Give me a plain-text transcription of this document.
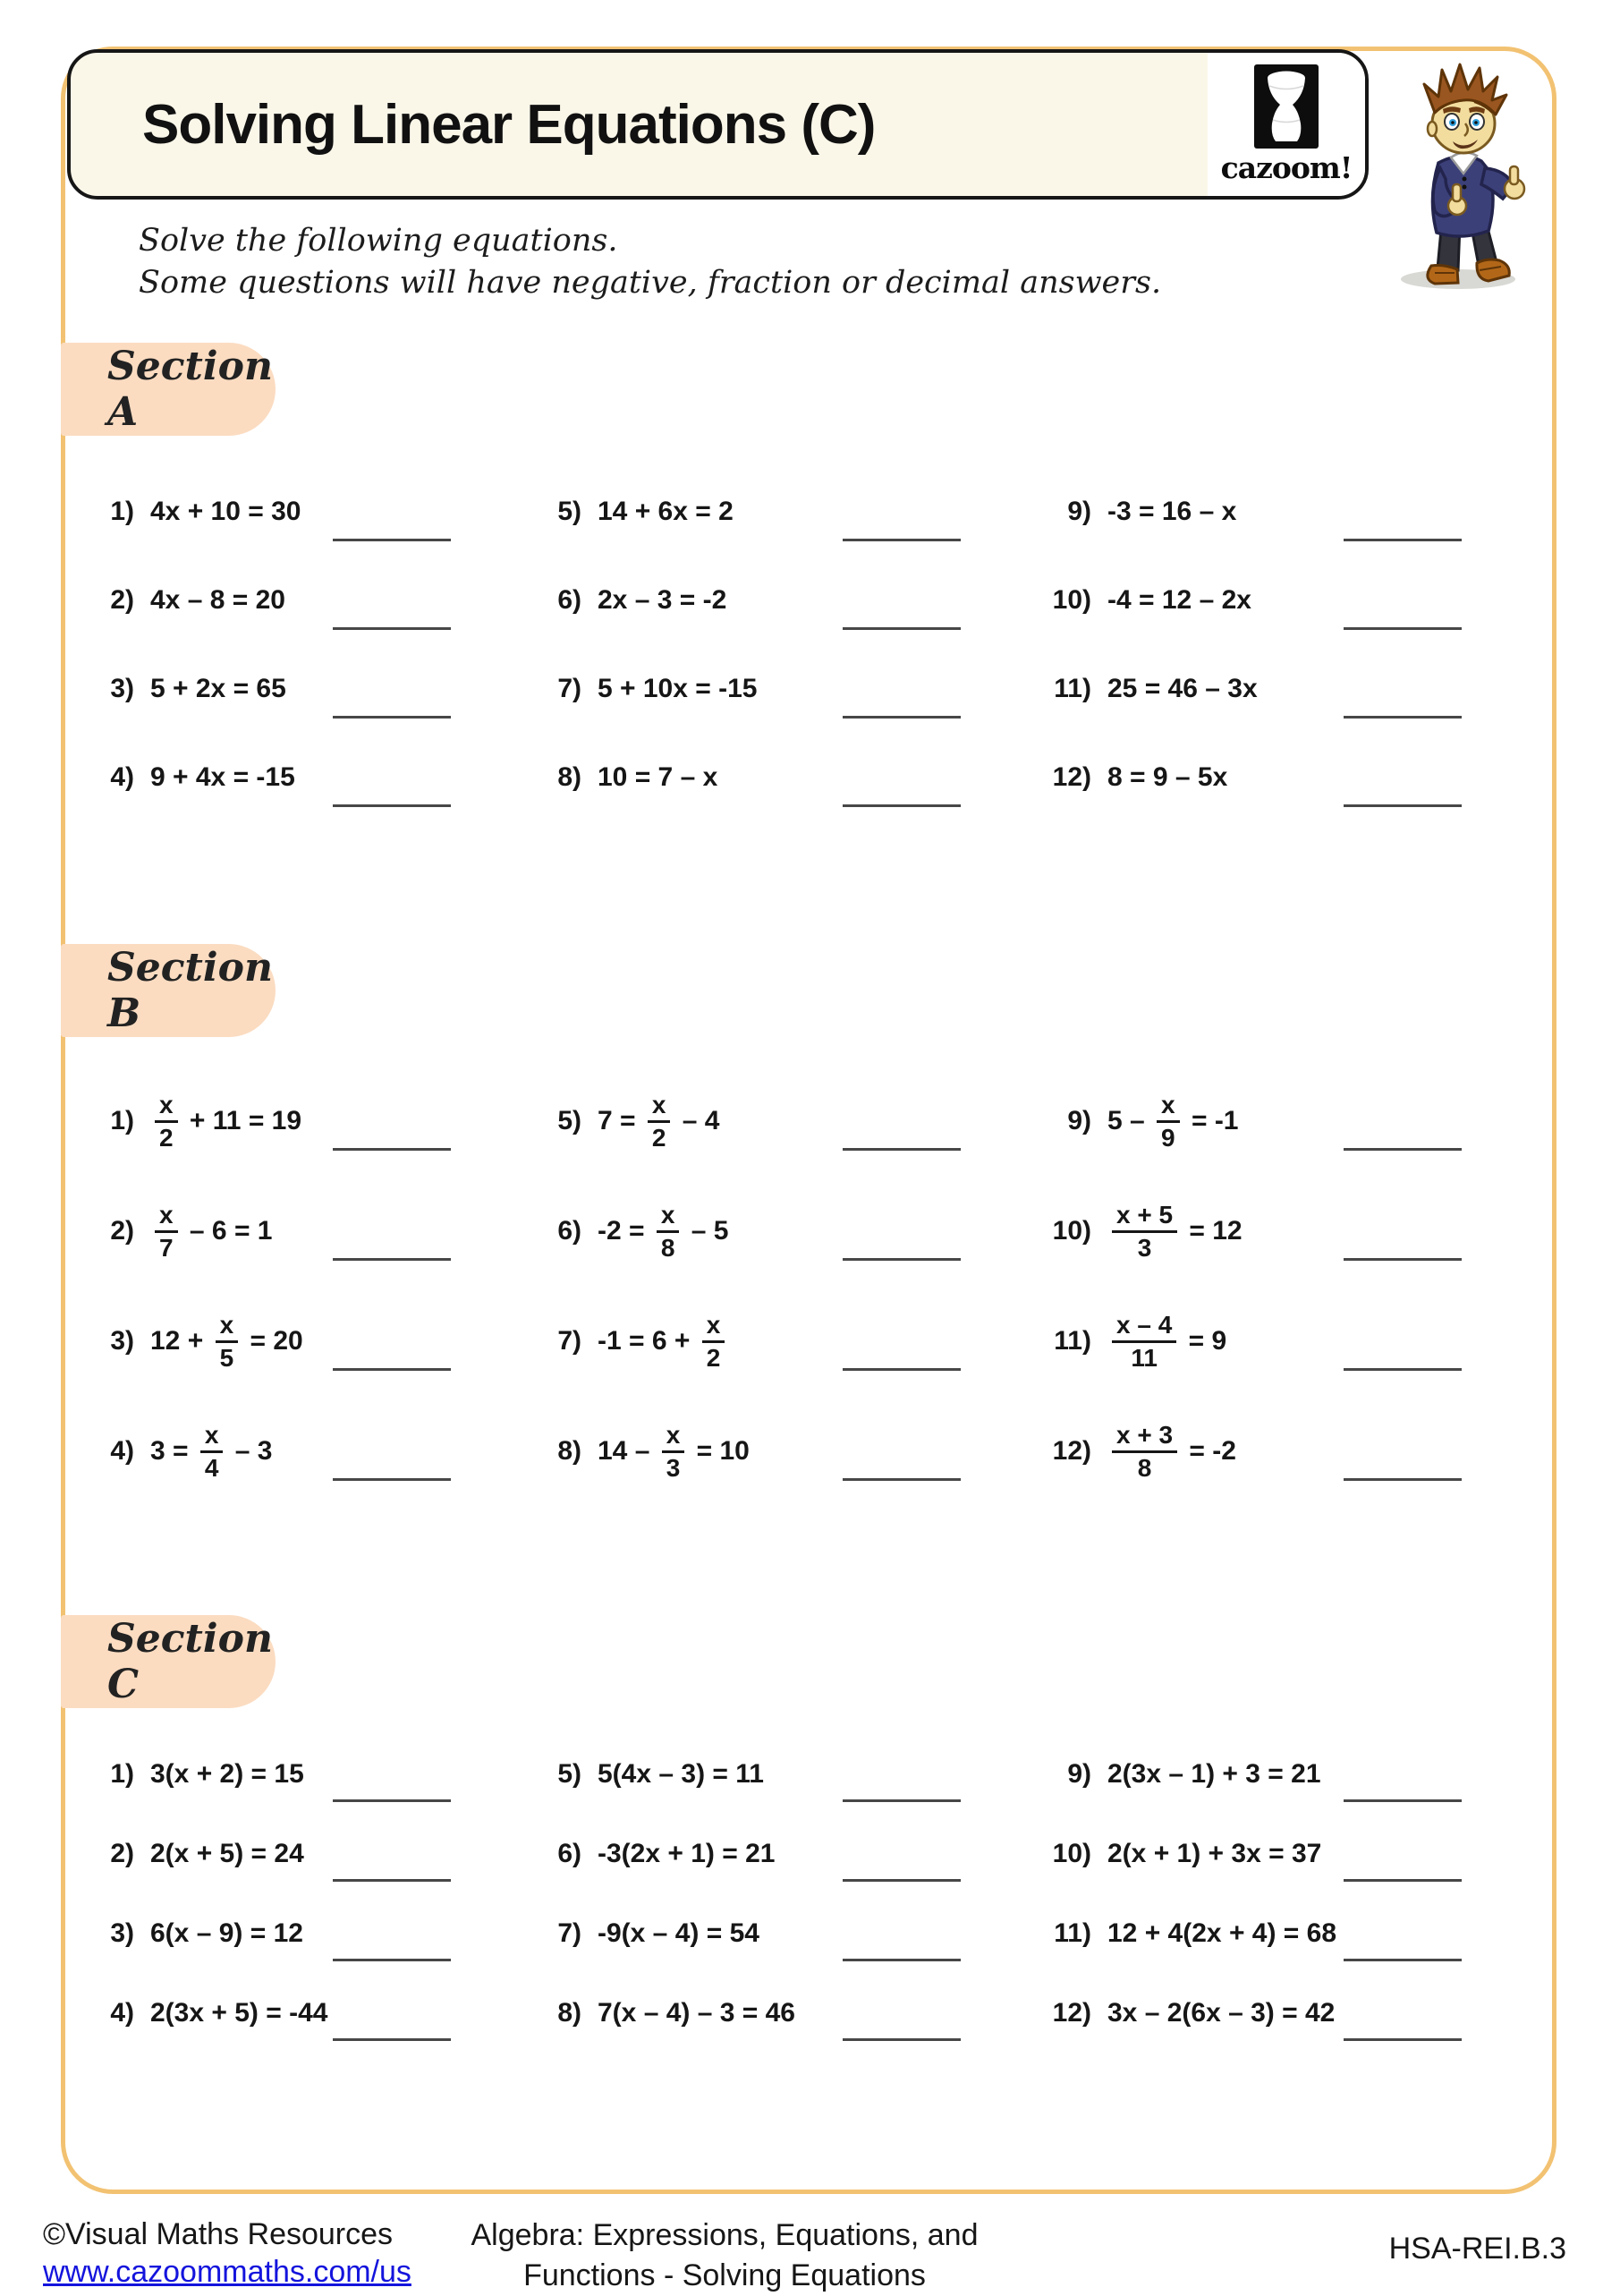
Solving Linear Equations (C)
cazoom!
Solve the following equations.
Some questions will have negative, fraction or decimal answers.
Section A
Section B
Section C
1) 4x + 10 = 30
2) 4x – 8 = 20
3) 5 + 2x = 65
4) 9 + 4x = -15
5) 14 + 6x = 2
6) 2x – 3 = -2
7) 5 + 10x = -15
8) 10 = 7 – x
9) -3 = 16 – x
10) -4 = 12 – 2x
11) 25 = 46 – 3x
12) 8 = 9 – 5x
$1) \frac{x}{2} + 11 = 19$
$2) \frac{x}{7} - 6 = 1$
3) $12 + \frac{x}{5} = 20$
4) $3 = \frac{x}{4} - 3$
5) $7 = \frac{x}{2} - 4$
6) $-2 = \frac{x}{8} - 5$
7) $-1 = 6 + \frac{x}{2}$
8) $14 - \frac{x}{3} = 10$
9) $5 - \frac{x}{9} = -1$
$10) \frac{x + 5}{3} = 12$
$11) \frac{x - 4}{11} = 9$
$12) \frac{x + 3}{8} = -2$
1) 3(x + 2) = 15
2) 2(x + 5) = 24
3) 6(x – 9) = 12
4) 2(3x + 5) = -44
5) 5(4x – 3) = 11
6) -3(2x + 1) = 21
7) -9(x – 4) = 54
8) 7(x – 4) – 3 = 46
9) 2(3x – 1) + 3 = 21
10) 2(x + 1) + 3x = 37
11) 12 + 4(2x + 4) = 68
12) 3x – 2(6x – 3) = 42
©Visual Maths Resources
www.cazoommaths.com/us
Algebra: Expressions, Equations, and
Functions - Solving Equations
HSA-REI.B.3
